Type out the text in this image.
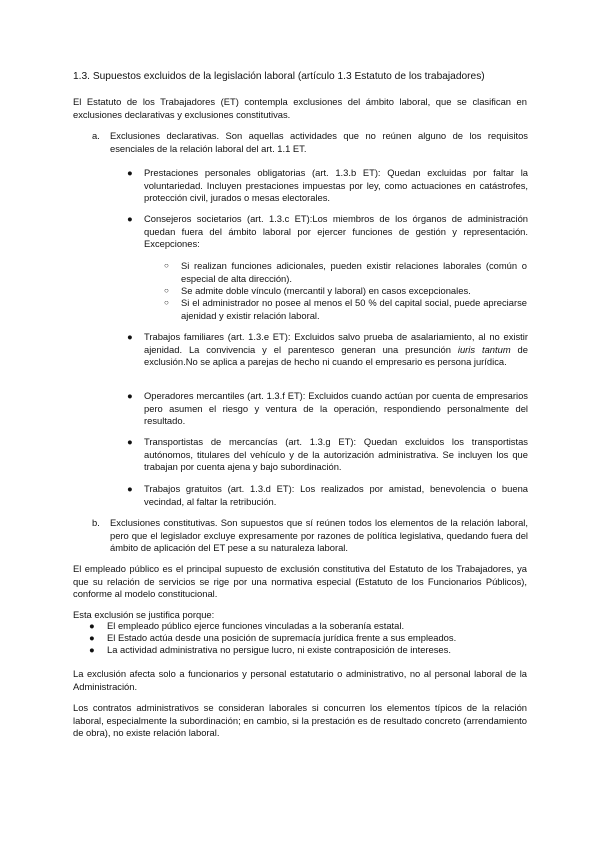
1.3. Supuestos excluidos de la legislación laboral (artículo 1.3 Estatuto de los trabajadores)
El Estatuto de los Trabajadores (ET) contempla exclusiones del ámbito laboral, que se clasifican en exclusiones declarativas y exclusiones constitutivas.
a. Exclusiones declarativas. Son aquellas actividades que no reúnen alguno de los requisitos esenciales de la relación laboral del art. 1.1 ET.
● Prestaciones personales obligatorias (art. 1.3.b ET): Quedan excluidas por faltar la voluntariedad. Incluyen prestaciones impuestas por ley, como actuaciones en catástrofes, protección civil, jurados o mesas electorales.
● Consejeros societarios (art. 1.3.c ET):Los miembros de los órganos de administración quedan fuera del ámbito laboral por ejercer funciones de gestión y representación. Excepciones:
○ Si realizan funciones adicionales, pueden existir relaciones laborales (común o especial de alta dirección).
○ Se admite doble vínculo (mercantil y laboral) en casos excepcionales.
○ Si el administrador no posee al menos el 50 % del capital social, puede apreciarse ajenidad y existir relación laboral.
● Trabajos familiares (art. 1.3.e ET): Excluidos salvo prueba de asalariamiento, al no existir ajenidad. La convivencia y el parentesco generan una presunción iuris tantum de exclusión.No se aplica a parejas de hecho ni cuando el empresario es persona jurídica.
● Operadores mercantiles (art. 1.3.f ET): Excluidos cuando actúan por cuenta de empresarios pero asumen el riesgo y ventura de la operación, respondiendo personalmente del resultado.
● Transportistas de mercancías (art. 1.3.g ET): Quedan excluidos los transportistas autónomos, titulares del vehículo y de la autorización administrativa. Se incluyen los que trabajan por cuenta ajena y bajo subordinación.
● Trabajos gratuitos (art. 1.3.d ET): Los realizados por amistad, benevolencia o buena vecindad, al faltar la retribución.
b. Exclusiones constitutivas. Son supuestos que sí reúnen todos los elementos de la relación laboral, pero que el legislador excluye expresamente por razones de política legislativa, quedando fuera del ámbito de aplicación del ET pese a su naturaleza laboral.
El empleado público es el principal supuesto de exclusión constitutiva del Estatuto de los Trabajadores, ya que su relación de servicios se rige por una normativa especial (Estatuto de los Funcionarios Públicos), conforme al modelo constitucional.
Esta exclusión se justifica porque:
● El empleado público ejerce funciones vinculadas a la soberanía estatal.
● El Estado actúa desde una posición de supremacía jurídica frente a sus empleados.
● La actividad administrativa no persigue lucro, ni existe contraposición de intereses.
La exclusión afecta solo a funcionarios y personal estatutario o administrativo, no al personal laboral de la Administración.
Los contratos administrativos se consideran laborales si concurren los elementos típicos de la relación laboral, especialmente la subordinación; en cambio, si la prestación es de resultado concreto (arrendamiento de obra), no existe relación laboral.
